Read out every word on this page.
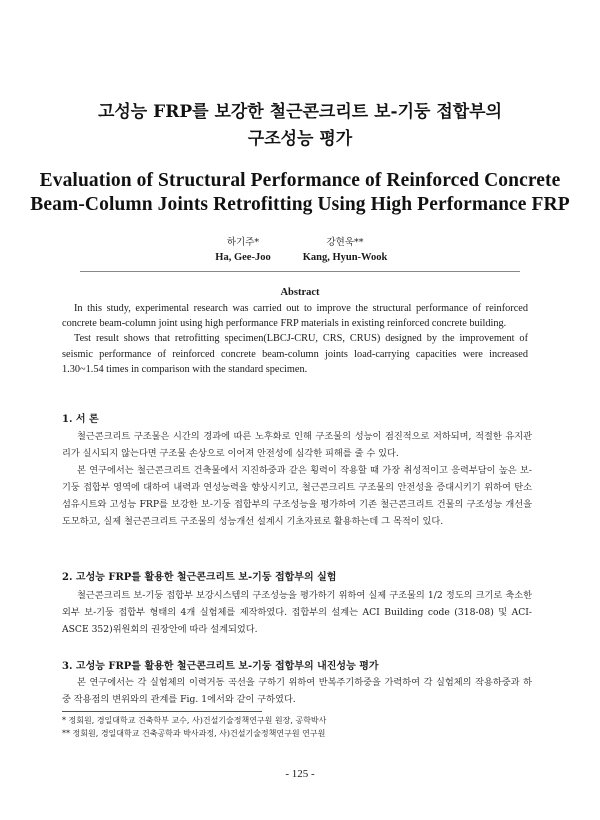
고성능 FRP를 보강한 철근콘크리트 보-기둥 접합부의
구조성능 평가
Evaluation of Structural Performance of Reinforced Concrete
Beam-Column Joints Retrofitting Using High Performance FRP
하기주*
Ha, Gee-Joo
강현욱**
Kang, Hyun-Wook
Abstract

In this study, experimental research was carried out to improve the structural performance of reinforced concrete beam-column joint using high performance FRP materials in existing reinforced concrete building.

Test result shows that retrofitting specimen(LBCJ-CRU, CRS, CRUS) designed by the improvement of seismic performance of reinforced concrete beam-column joints load-carrying capacities were increased 1.30~1.54 times in comparison with the standard specimen.

1. 서 론

철근콘크리트 구조물은 시간의 경과에 따른 노후화로 인해 구조물의 성능이 점진적으로 저하되며, 적절한 유지관리가 실시되지 않는다면 구조물 손상으로 이어져 안전성에 심각한 피해를 줄 수 있다.

본 연구에서는 철근콘크리트 건축물에서 지진하중과 같은 횡력이 작용할 때 가장 취성적이고 응력부담이 높은 보-기둥 접합부 영역에 대하여 내력과 연성능력을 향상시키고, 철근콘크리트 구조물의 안전성을 증대시키기 위하여 탄소섬유시트와 고성능 FRP를 보강한 보-기둥 접합부의 구조성능을 평가하여 기존 철근콘크리트 건물의 구조성능 개선을 도모하고, 실제 철근콘크리트 구조물의 성능개선 설계시 기초자료로 활용하는데 그 목적이 있다.

2. 고성능 FRP를 활용한 철근콘크리트 보-기둥 접합부의 실험

철근콘크리트 보-기둥 접합부 보강시스템의 구조성능을 평가하기 위하여 실제 구조물의 1/2 정도의 크기로 축소한 외부 보-기둥 접합부 형태의 4개 실험체를 제작하였다. 접합부의 설계는 ACI Building code (318-08) 및 ACI-ASCE 352)위원회의 권장안에 따라 설계되었다.

3. 고성능 FRP를 활용한 철근콘크리트 보-기둥 접합부의 내진성능 평가

본 연구에서는 각 실험체의 이력거동 곡선을 구하기 위하여 반복주기하중을 가력하여 각 실험체의 작용하중과 하중 작용점의 변위와의 관계를 Fig. 1에서와 같이 구하였다.

* 정회원, 경일대학교 건축학부 교수, 사)건설기술정책연구원 원장, 공학박사
** 정회원, 경일대학교 건축공학과 박사과정, 사)건설기술정책연구원 연구원
- 125 -
